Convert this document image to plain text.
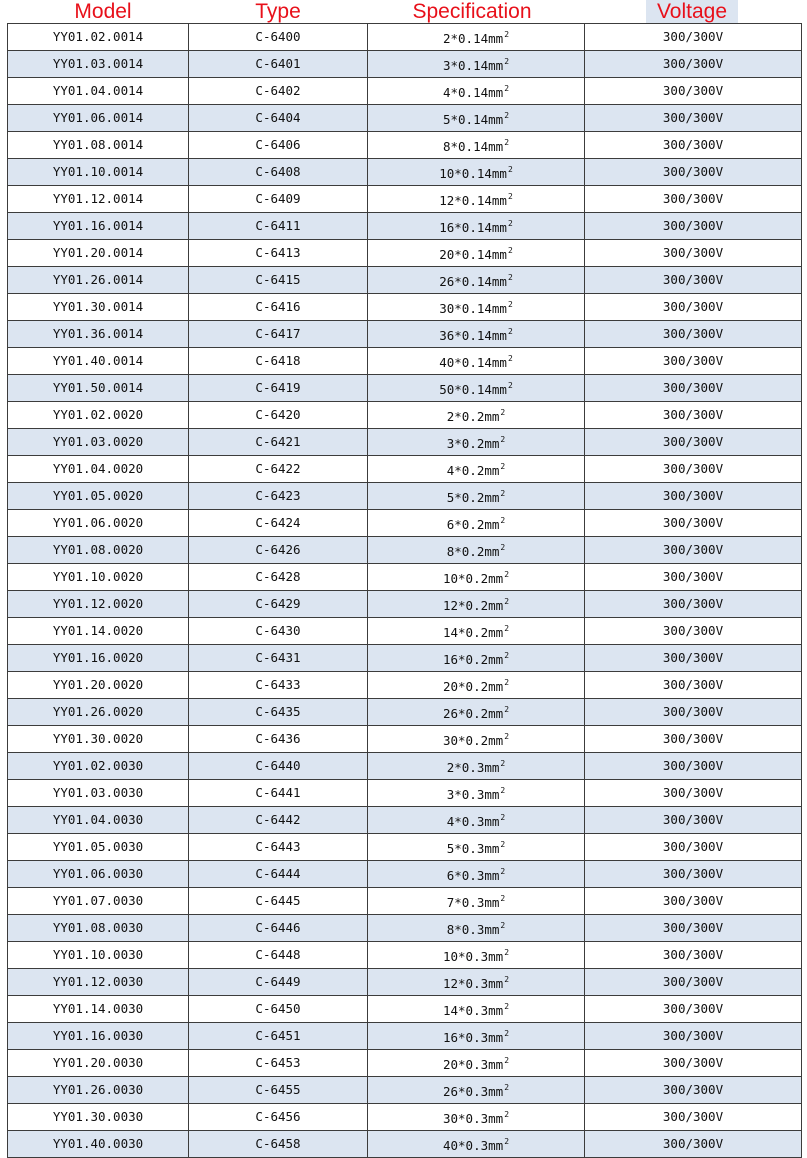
Model	Type	Specification	Voltage
YY01.02.0014	C-6400	$2*0.14mm^2$	300/300V
YY01.03.0014	C-6401	$3*0.14mm^2$	300/300V
YY01.04.0014	C-6402	$4*0.14mm^2$	300/300V
YY01.06.0014	C-6404	$5*0.14mm^2$	300/300V
YY01.08.0014	C-6406	$8*0.14mm^2$	300/300V
YY01.10.0014	C-6408	$10*0.14mm^2$	300/300V
YY01.12.0014	C-6409	$12*0.14mm^2$	300/300V
YY01.16.0014	C-6411	$16*0.14mm^2$	300/300V
YY01.20.0014	C-6413	$20*0.14mm^2$	300/300V
YY01.26.0014	C-6415	$26*0.14mm^2$	300/300V
YY01.30.0014	C-6416	$30*0.14mm^2$	300/300V
YY01.36.0014	C-6417	$36*0.14mm^2$	300/300V
YY01.40.0014	C-6418	$40*0.14mm^2$	300/300V
YY01.50.0014	C-6419	$50*0.14mm^2$	300/300V
YY01.02.0020	C-6420	$2*0.2mm^2$	300/300V
YY01.03.0020	C-6421	$3*0.2mm^2$	300/300V
YY01.04.0020	C-6422	$4*0.2mm^2$	300/300V
YY01.05.0020	C-6423	$5*0.2mm^2$	300/300V
YY01.06.0020	C-6424	$6*0.2mm^2$	300/300V
YY01.08.0020	C-6426	$8*0.2mm^2$	300/300V
YY01.10.0020	C-6428	$10*0.2mm^2$	300/300V
YY01.12.0020	C-6429	$12*0.2mm^2$	300/300V
YY01.14.0020	C-6430	$14*0.2mm^2$	300/300V
YY01.16.0020	C-6431	$16*0.2mm^2$	300/300V
YY01.20.0020	C-6433	$20*0.2mm^2$	300/300V
YY01.26.0020	C-6435	$26*0.2mm^2$	300/300V
YY01.30.0020	C-6436	$30*0.2mm^2$	300/300V
YY01.02.0030	C-6440	$2*0.3mm^2$	300/300V
YY01.03.0030	C-6441	$3*0.3mm^2$	300/300V
YY01.04.0030	C-6442	$4*0.3mm^2$	300/300V
YY01.05.0030	C-6443	$5*0.3mm^2$	300/300V
YY01.06.0030	C-6444	$6*0.3mm^2$	300/300V
YY01.07.0030	C-6445	$7*0.3mm^2$	300/300V
YY01.08.0030	C-6446	$8*0.3mm^2$	300/300V
YY01.10.0030	C-6448	$10*0.3mm^2$	300/300V
YY01.12.0030	C-6449	$12*0.3mm^2$	300/300V
YY01.14.0030	C-6450	$14*0.3mm^2$	300/300V
YY01.16.0030	C-6451	$16*0.3mm^2$	300/300V
YY01.20.0030	C-6453	$20*0.3mm^2$	300/300V
YY01.26.0030	C-6455	$26*0.3mm^2$	300/300V
YY01.30.0030	C-6456	$30*0.3mm^2$	300/300V
YY01.40.0030	C-6458	$40*0.3mm^2$	300/300V
